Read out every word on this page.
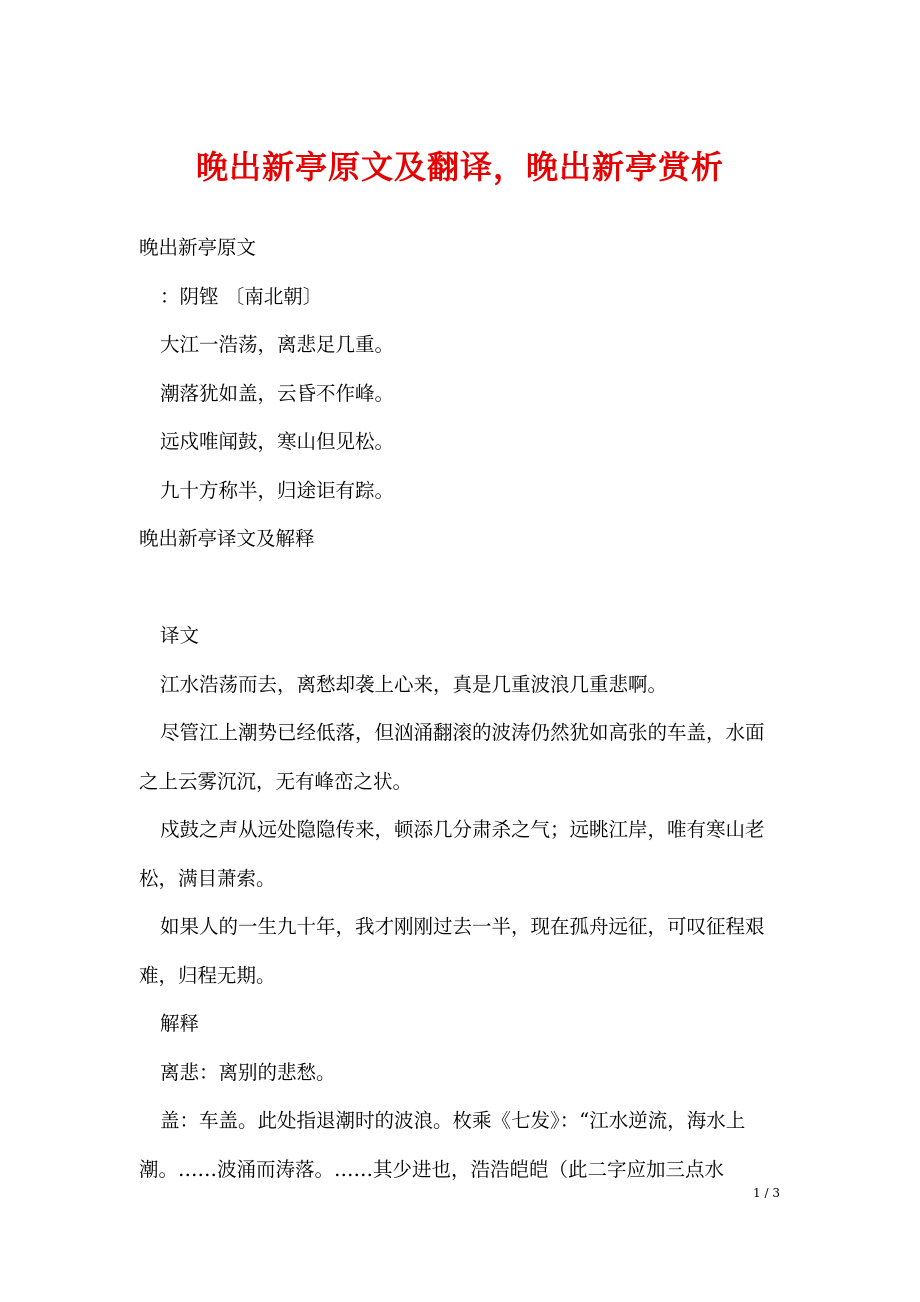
晚出新亭原文及翻译，晚出新亭赏析

晚出新亭原文

：阴铿 〔南北朝〕

大江一浩荡，离悲足几重。

潮落犹如盖，云昏不作峰。

远戍唯闻鼓，寒山但见松。

九十方称半，归途讵有踪。

晚出新亭译文及解释

译文

江水浩荡而去，离愁却袭上心来，真是几重波浪几重悲啊。

尽管江上潮势已经低落，但汹涌翻滚的波涛仍然犹如高张的车盖，水面之上云雾沉沉，无有峰峦之状。

戍鼓之声从远处隐隐传来，顿添几分肃杀之气；远眺江岸，唯有寒山老松，满目萧索。

如果人的一生九十年，我才刚刚过去一半，现在孤舟远征，可叹征程艰难，归程无期。

解释

离悲：离别的悲愁。

盖：车盖。此处指退潮时的波浪。枚乘《七发》：“江水逆流，海水上潮。……波涌而涛落。……其少进也，浩浩皑皑（此二字应加三点水

1 / 3
